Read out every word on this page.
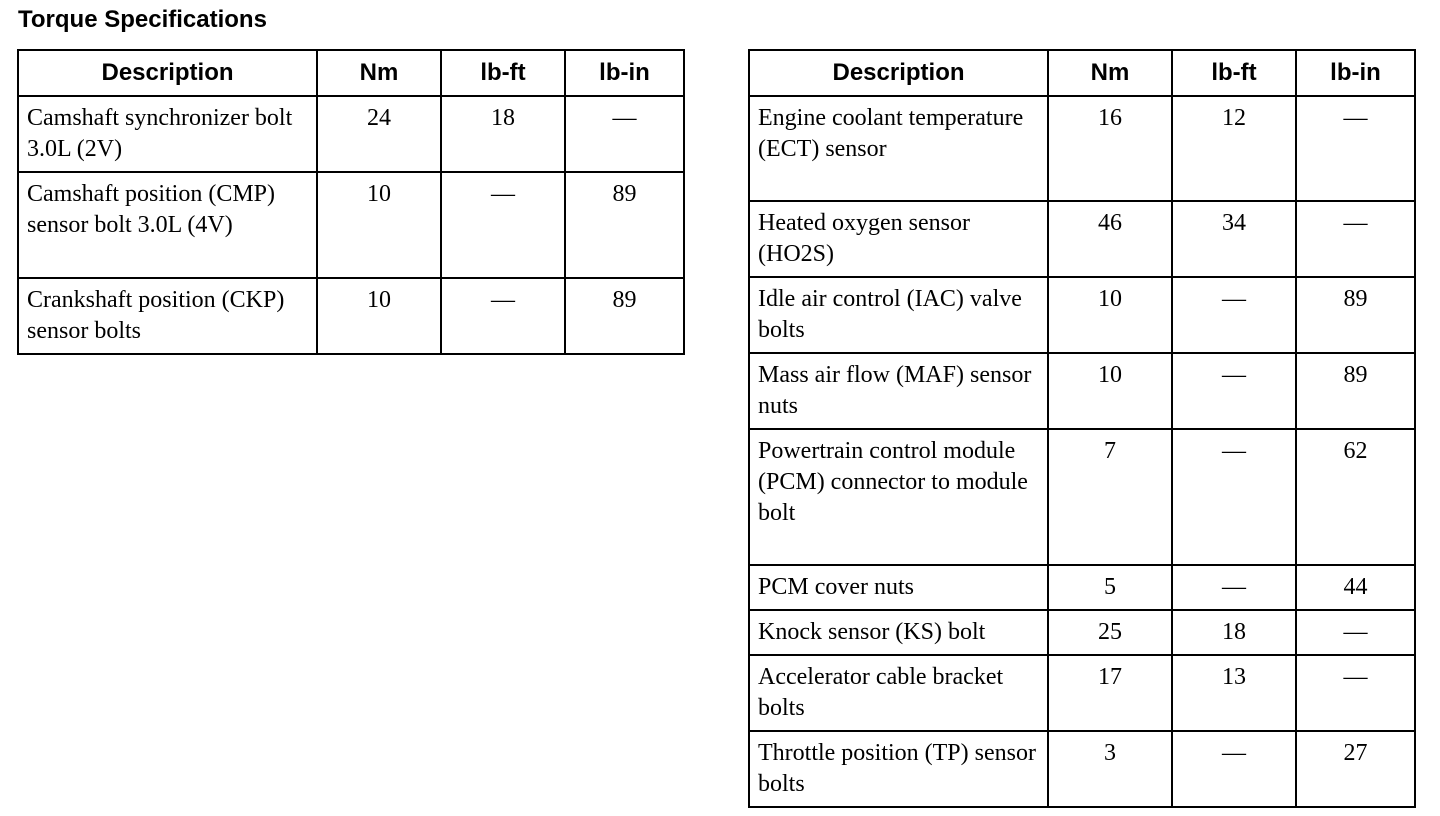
Torque Specifications
Description	Nm	lb-ft	lb-in
Camshaft synchronizer bolt 3.0L (2V)	24	18	—
Camshaft position (CMP) sensor bolt 3.0L (4V)	10	—	89
Crankshaft position (CKP) sensor bolts	10	—	89
Description	Nm	lb-ft	lb-in
Engine coolant temperature (ECT) sensor	16	12	—
Heated oxygen sensor (HO2S)	46	34	—
Idle air control (IAC) valve bolts	10	—	89
Mass air flow (MAF) sensor nuts	10	—	89
Powertrain control module (PCM) connector to module bolt	7	—	62
PCM cover nuts	5	—	44
Knock sensor (KS) bolt	25	18	—
Accelerator cable bracket bolts	17	13	—
Throttle position (TP) sensor bolts	3	—	27
